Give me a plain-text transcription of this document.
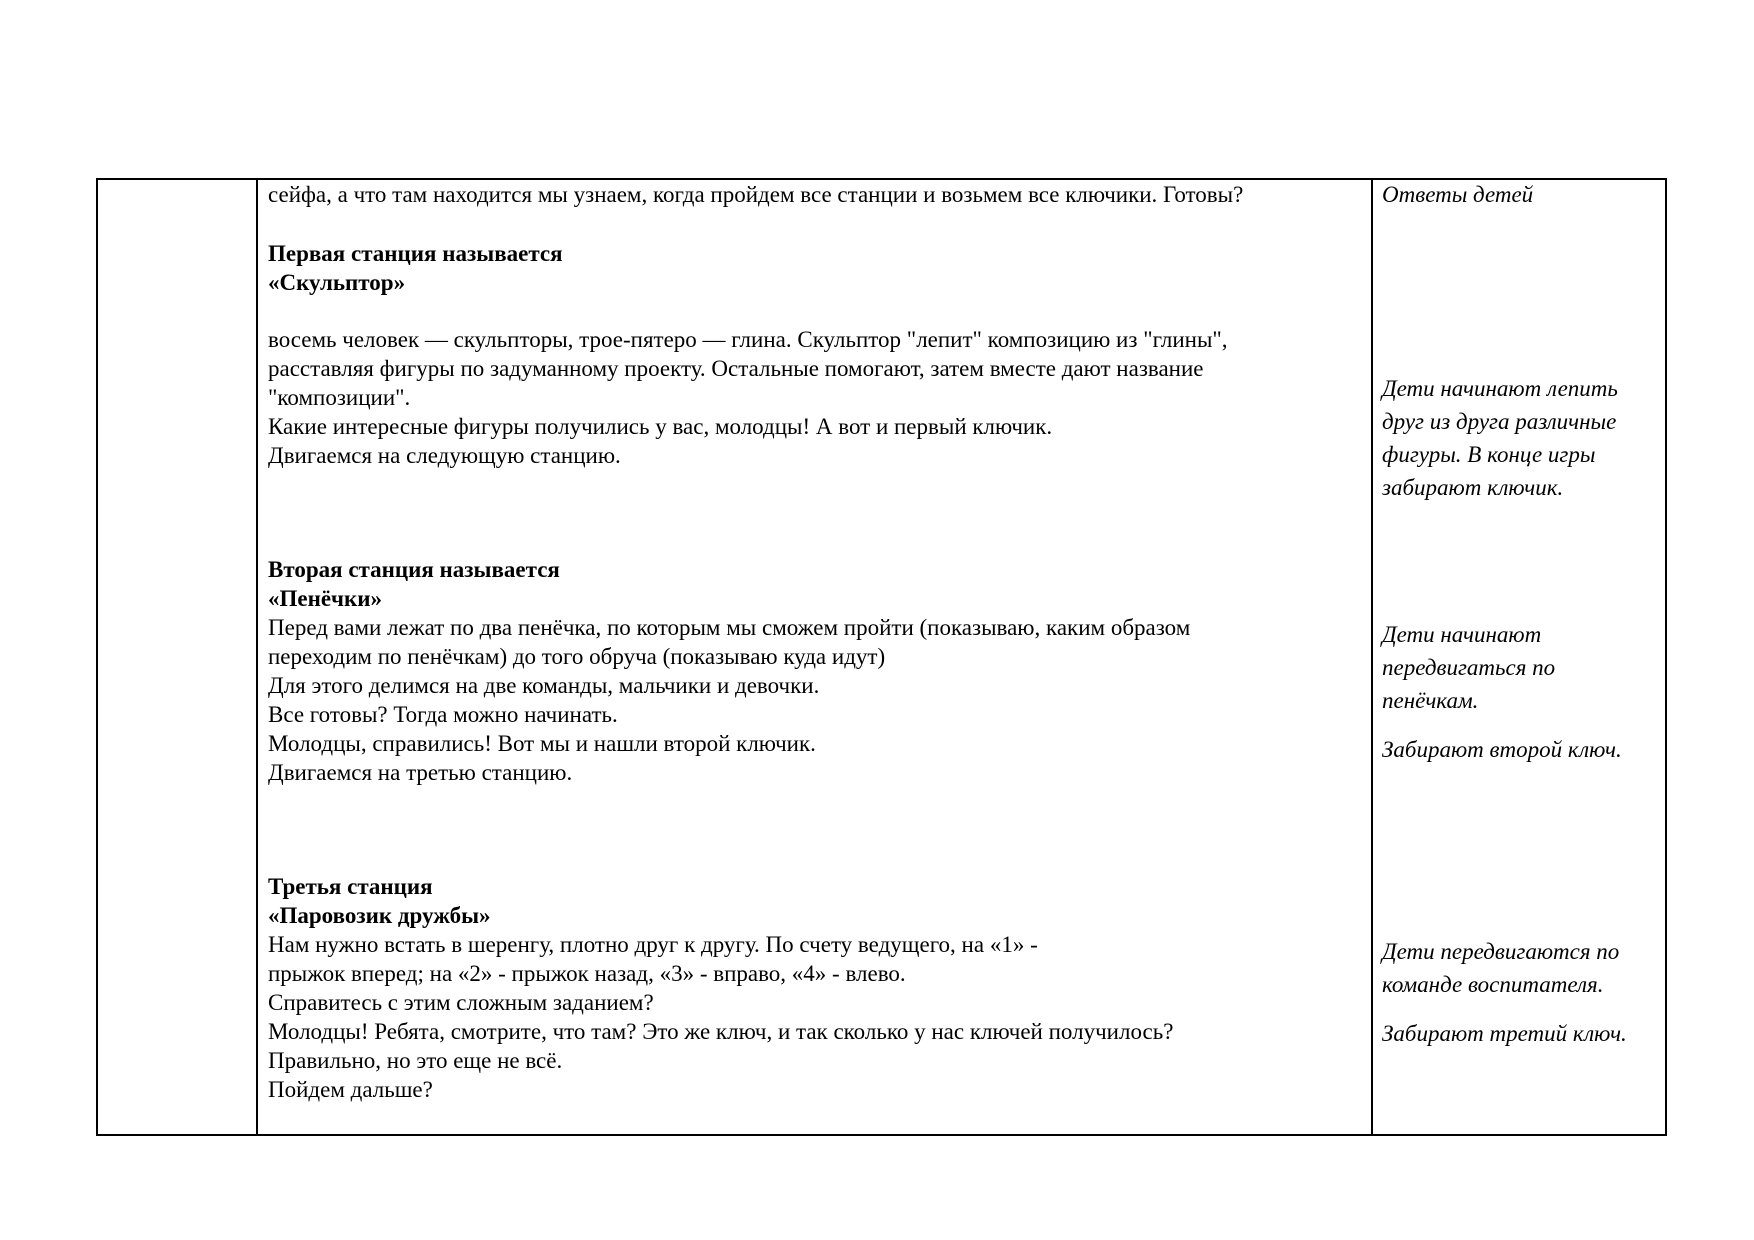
сейфа, а что там находится мы узнаем, когда пройдем все станции и возьмем все ключики. Готовы?
Первая станция называется
«Скульптор»
восемь человек — скульпторы, трое-пятеро — глина. Скульптор "лепит" композицию из "глины",
расставляя фигуры по задуманному проекту. Остальные помогают, затем вместе дают название
"композиции".
Какие интересные фигуры получились у вас, молодцы! А вот и первый ключик.
Двигаемся на следующую станцию.
Вторая станция называется
«Пенёчки»
Перед вами лежат по два пенёчка, по которым мы сможем пройти (показываю, каким образом
переходим по пенёчкам) до того обруча (показываю куда идут)
Для этого делимся на две команды, мальчики и девочки.
Все готовы? Тогда можно начинать.
Молодцы, справились! Вот мы и нашли второй ключик.
Двигаемся на третью станцию.
Третья станция
«Паровозик дружбы»
Нам нужно встать в шеренгу, плотно друг к другу. По счету ведущего, на «1» -
прыжок вперед; на «2» - прыжок назад, «3» - вправо, «4» - влево.
Справитесь с этим сложным заданием?
Молодцы! Ребята, смотрите, что там? Это же ключ, и так сколько у нас ключей получилось?
Правильно, но это еще не всё.
Пойдем дальше?
Ответы детей
Дети начинают лепить
друг из друга различные
фигуры. В конце игры
забирают ключик.
Дети начинают
передвигаться по
пенёчкам.
Забирают второй ключ.
Дети передвигаются по
команде воспитателя.
Забирают третий ключ.
